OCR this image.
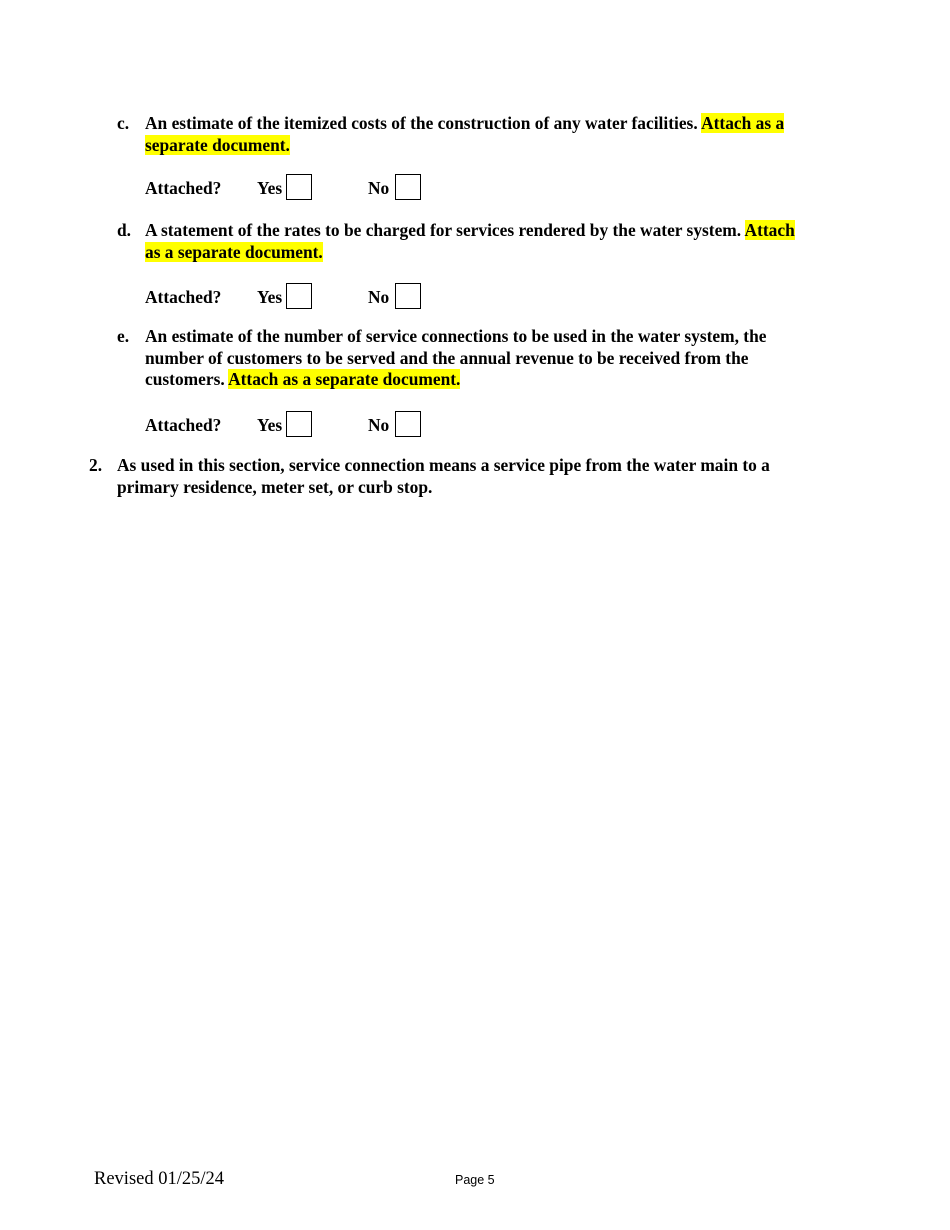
c. An estimate of the itemized costs of the construction of any water facilities. Attach as a separate document.
Attached? Yes	No
d. A statement of the rates to be charged for services rendered by the water system. Attach as a separate document.
Attached? Yes	No
e. An estimate of the number of service connections to be used in the water system, the number of customers to be served and the annual revenue to be received from the customers. Attach as a separate document.
Attached? Yes	No
2. As used in this section, service connection means a service pipe from the water main to a primary residence, meter set, or curb stop.
Revised 01/25/24	Page 5
